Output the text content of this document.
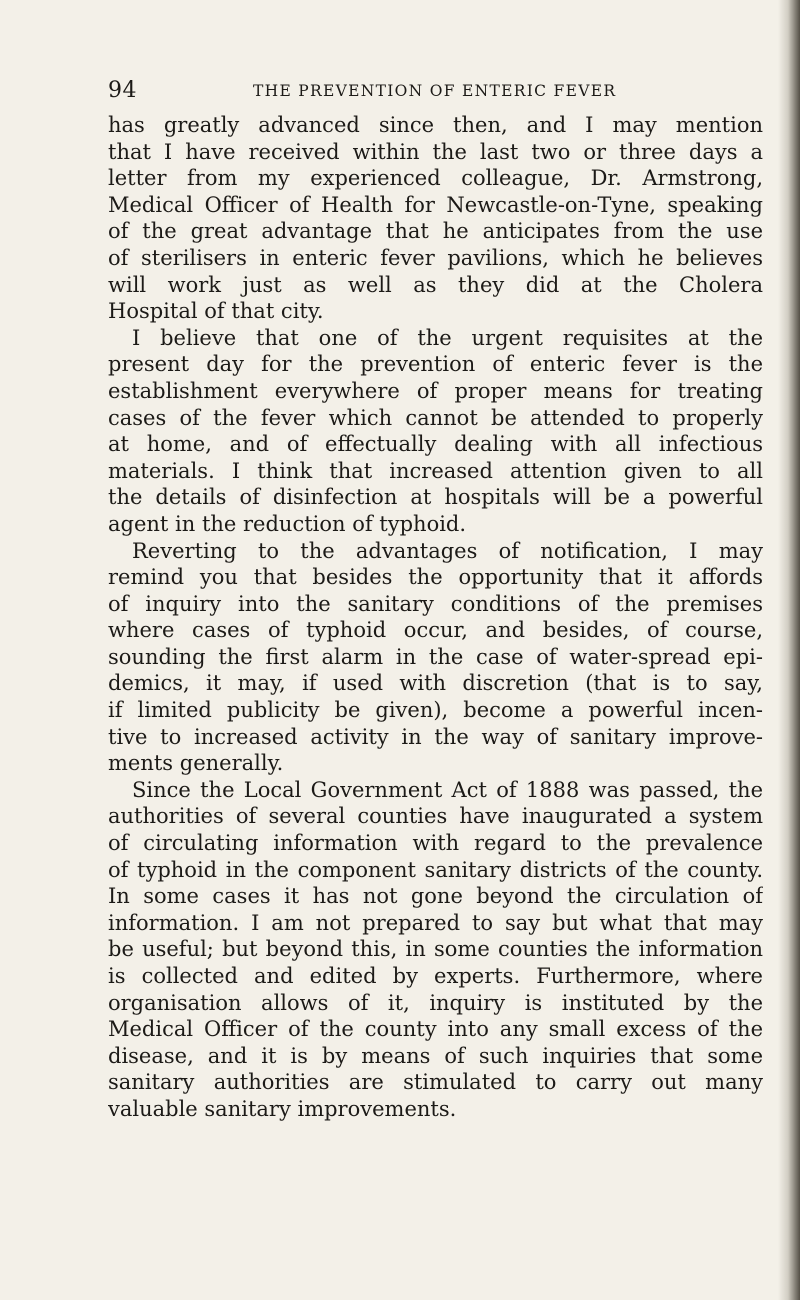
94	THE PREVENTION OF ENTERIC FEVER
has greatly advanced since then, and I may mention
that I have received within the last two or three days a
letter from my experienced colleague, Dr. Armstrong,
Medical Officer of Health for Newcastle-on-Tyne, speaking
of the great advantage that he anticipates from the use
of sterilisers in enteric fever pavilions, which he believes
will work just as well as they did at the Cholera
Hospital of that city.
I believe that one of the urgent requisites at the
present day for the prevention of enteric fever is the
establishment everywhere of proper means for treating
cases of the fever which cannot be attended to properly
at home, and of effectually dealing with all infectious
materials. I think that increased attention given to all
the details of disinfection at hospitals will be a powerful
agent in the reduction of typhoid.
Reverting to the advantages of notification, I may
remind you that besides the opportunity that it affords
of inquiry into the sanitary conditions of the premises
where cases of typhoid occur, and besides, of course,
sounding the first alarm in the case of water-spread epi-
demics, it may, if used with discretion (that is to say,
if limited publicity be given), become a powerful incen-
tive to increased activity in the way of sanitary improve-
ments generally.
Since the Local Government Act of 1888 was passed, the
authorities of several counties have inaugurated a system
of circulating information with regard to the prevalence
of typhoid in the component sanitary districts of the county.
In some cases it has not gone beyond the circulation of
information. I am not prepared to say but what that may
be useful; but beyond this, in some counties the information
is collected and edited by experts. Furthermore, where
organisation allows of it, inquiry is instituted by the
Medical Officer of the county into any small excess of the
disease, and it is by means of such inquiries that some
sanitary authorities are stimulated to carry out many
valuable sanitary improvements.
